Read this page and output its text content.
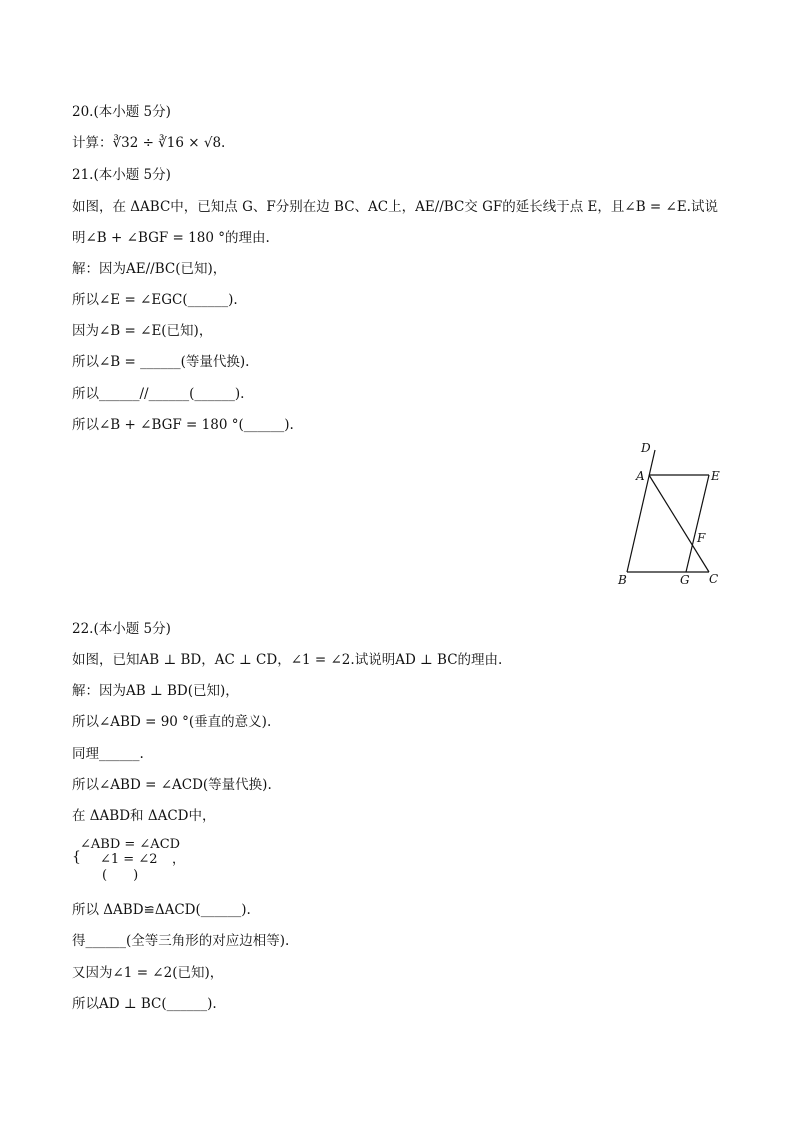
20.(本小题 5分)
计算：∛32 ÷ ∛16 × √8.
21.(本小题 5分)
如图，在 ΔABC中，已知点 G、F分别在边 BC、AC上，AE//BC交 GF的延长线于点 E，且∠B = ∠E.试说
明∠B + ∠BGF = 180 °的理由.
解：因为AE//BC(已知)，
所以∠E = ∠EGC(______).
因为∠B = ∠E(已知)，
所以∠B = ______(等量代换).
所以______//______(______).
所以∠B + ∠BGF = 180 °(______).
D
A	E
F
B	G C
22.(本小题 5分)
如图，已知AB ⊥ BD，AC ⊥ CD，∠1 = ∠2.试说明AD ⊥ BC的理由.
解：因为AB ⊥ BD(已知)，
所以∠ABD = 90 °(垂直的意义).
同理______.
所以∠ABD = ∠ACD(等量代换).
在 ΔABD和 ΔACD中，
{
∠ABD = ∠ACD
∠1 = ∠2 ，
(　　)
所以 ΔABD≌ΔACD(______).
得______(全等三角形的对应边相等).
又因为∠1 = ∠2(已知)，
所以AD ⊥ BC(______).
